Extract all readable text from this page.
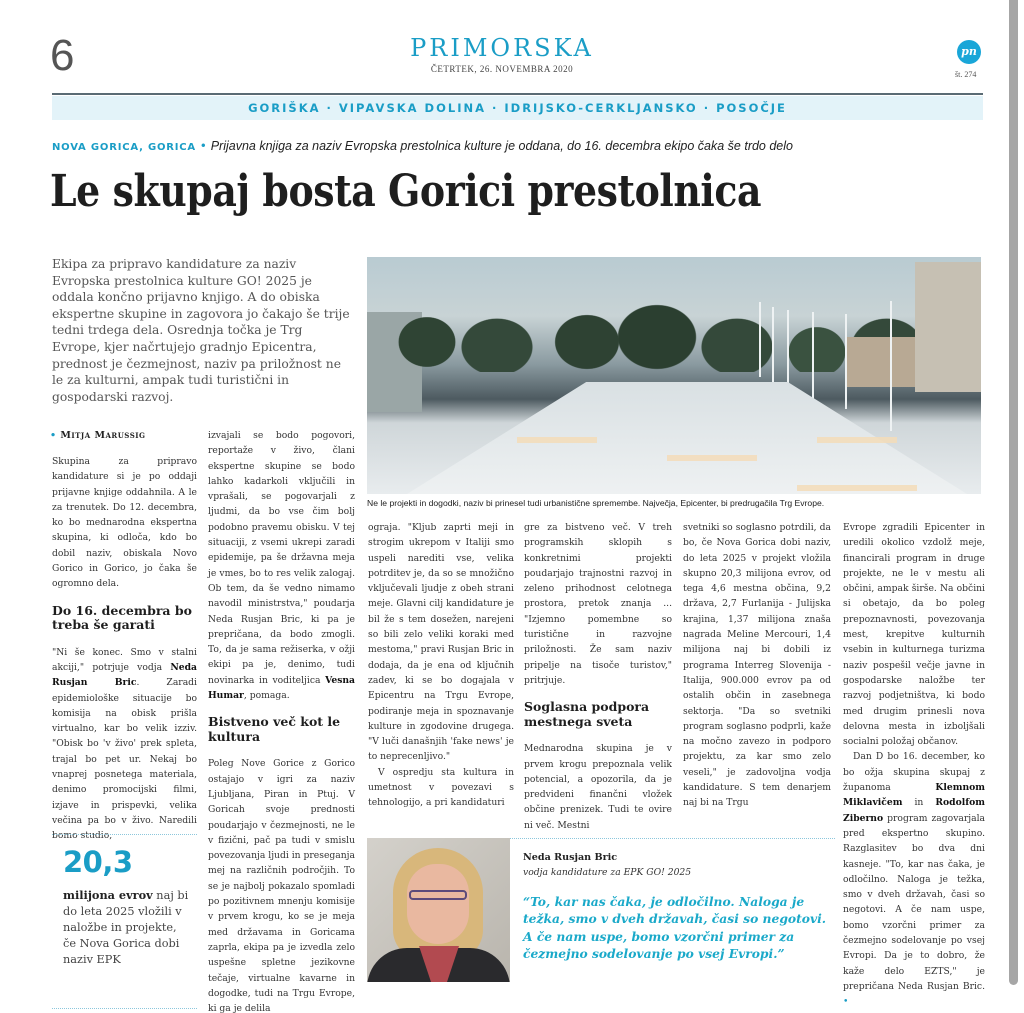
6	PRIMORSKA
ČETRTEK, 26. NOVEMBRA 2020
pn
št. 274
GORIŠKA · VIPAVSKA DOLINA · IDRIJSKO-CERKLJANSKO · POSOČJE
NOVA GORICA, GORICA • Prijavna knjiga za naziv Evropska prestolnica kulture je oddana, do 16. decembra ekipo čaka še trdo delo
Le skupaj bosta Gorici prestolnica
Ekipa za pripravo kandidature za naziv Evropska prestolnica kulture GO! 2025 je oddala končno prijavno knjigo. A do obiska ekspertne skupine in zagovora jo čakajo še trije tedni trdega dela. Osrednja točka je Trg Evrope, kjer načrtujejo gradnjo Epicentra, prednost je čezmejnost, naziv pa priložnost ne le za kulturni, ampak tudi turistični in gospodarski razvoj.
Ne le projekti in dogodki, naziv bi prinesel tudi urbanistične spremembe. Največja, Epicenter, bi predrugačila Trg Evrope.
• Mitja Marussig

Skupina za pripravo kandidature si je po oddaji prijavne knjige oddahnila. A le za trenutek. Do 12. decembra, ko bo mednarodna ekspertna skupina, ki odloča, kdo bo dobil naziv, obiskala Novo Gorico in Gorico, jo čaka še ogromno dela.

Do 16. decembra bo treba še garati

"Ni še konec. Smo v stalni akciji," potrjuje vodja Neda Rusjan Bric. Zaradi epidemiološke situacije bo komisija na obisk prišla virtualno, kar bo velik izziv. "Obisk bo 'v živo' prek spleta, trajal bo pet ur. Nekaj bo vnaprej posnetega materiala, denimo promocijski filmi, izjave in prispevki, velika večina pa bo v živo. Naredili bomo studio,

20,3
milijona evrov naj bi do leta 2025 vložili v naložbe in projekte, če Nova Gorica dobi naziv EPK

izvajali se bodo pogovori, reportaže v živo, člani ekspertne skupine se bodo lahko kadarkoli vključili in vprašali, se pogovarjali z ljudmi, da bo vse čim bolj podobno pravemu obisku. V tej situaciji, z vsemi ukrepi zaradi epidemije, pa še državna meja je vmes, bo to res velik zalogaj. Ob tem, da še vedno nimamo navodil ministrstva," poudarja Neda Rusjan Bric, ki pa je prepričana, da bodo zmogli. To, da je sama režiserka, v ožji ekipi pa je, denimo, tudi novinarka in voditeljica Vesna Humar, pomaga.

Bistveno več kot le kultura

Poleg Nove Gorice z Gorico ostajajo v igri za naziv Ljubljana, Piran in Ptuj. V Goricah svoje prednosti poudarjajo v čezmejnosti, ne le v fizični, pač pa tudi v smislu povezovanja ljudi in preseganja mej na različnih področjih. To se je najbolj pokazalo spomladi po pozitivnem mnenju komisije v prvem krogu, ko se je meja med državama in Goricama zaprla, ekipa pa je izvedla zelo uspešne spletne jezikovne tečaje, virtualne kavarne in dogodke, tudi na Trgu Evrope, ki ga je delila

ograja. "Kljub zaprti meji in strogim ukrepom v Italiji smo uspeli narediti vse, velika potrditev je, da so se množično vključevali ljudje z obeh strani meje. Glavni cilj kandidature je bil že s tem dosežen, narejeni so bili zelo veliki koraki med mestoma," pravi Rusjan Bric in dodaja, da je ena od ključnih zadev, ki se bo dogajala v Epicentru na Trgu Evrope, podiranje meja in spoznavanje kulture in zgodovine drugega. "V luči današnjih 'fake news' je to neprecenljivo."

V ospredju sta kultura in umetnost v povezavi s tehnologijo, a pri kandidaturi

gre za bistveno več. V treh programskih sklopih s konkretnimi projekti poudarjajo trajnostni razvoj in zeleno prihodnost celotnega prostora, pretok znanja ... "Izjemno pomembne so turistične in razvojne priložnosti. Že sam naziv pripelje na tisoče turistov," pritrjuje.

Soglasna podpora mestnega sveta

Mednarodna skupina je v prvem krogu prepoznala velik potencial, a opozorila, da je predvideni finančni vložek občine prenizek. Tudi te ovire ni več. Mestni

svetniki so soglasno potrdili, da bo, če Nova Gorica dobi naziv, do leta 2025 v projekt vložila skupno 20,3 milijona evrov, od tega 4,6 mestna občina, 9,2 država, 2,7 Furlanija - Julijska krajina, 1,37 milijona znaša nagrada Meline Mercouri, 1,4 milijona naj bi dobili iz programa Interreg Slovenija - Italija, 900.000 evrov pa od ostalih občin in zasebnega sektorja. "Da so svetniki program soglasno podprli, kaže na močno zavezo in podporo projektu, za kar smo zelo veseli," je zadovoljna vodja kandidature. S tem denarjem naj bi na Trgu

Evrope zgradili Epicenter in uredili okolico vzdolž meje, financirali program in druge projekte, ne le v mestu ali občini, ampak širše. Na občini si obetajo, da bo poleg prepoznavnosti, povezovanja mest, krepitve kulturnih vsebin in kulturnega turizma naziv pospešil večje javne in gospodarske naložbe ter razvoj podjetništva, ki bodo med drugim prinesli nova delovna mesta in izboljšali socialni položaj občanov.

Dan D bo 16. december, ko bo ožja skupina skupaj z županoma Klemnom Miklavičem in Rodolfom Ziberno program zagovarjala pred ekspertno skupino. Razglasitev bo dva dni kasneje. "To, kar nas čaka, je odločilno. Naloga je težka, smo v dveh državah, časi so negotovi. A če nam uspe, bomo vzorčni primer za čezmejno sodelovanje po vsej Evropi. Da je to dobro, že kaže delo EZTS," je prepričana Neda Rusjan Bric. •

Neda Rusjan Bric
vodja kandidature za EPK GO! 2025
“To, kar nas čaka, je odločilno. Naloga je težka, smo v dveh državah, časi so negotovi. A če nam uspe, bomo vzorčni primer za čezmejno sodelovanje po vsej Evropi.”
